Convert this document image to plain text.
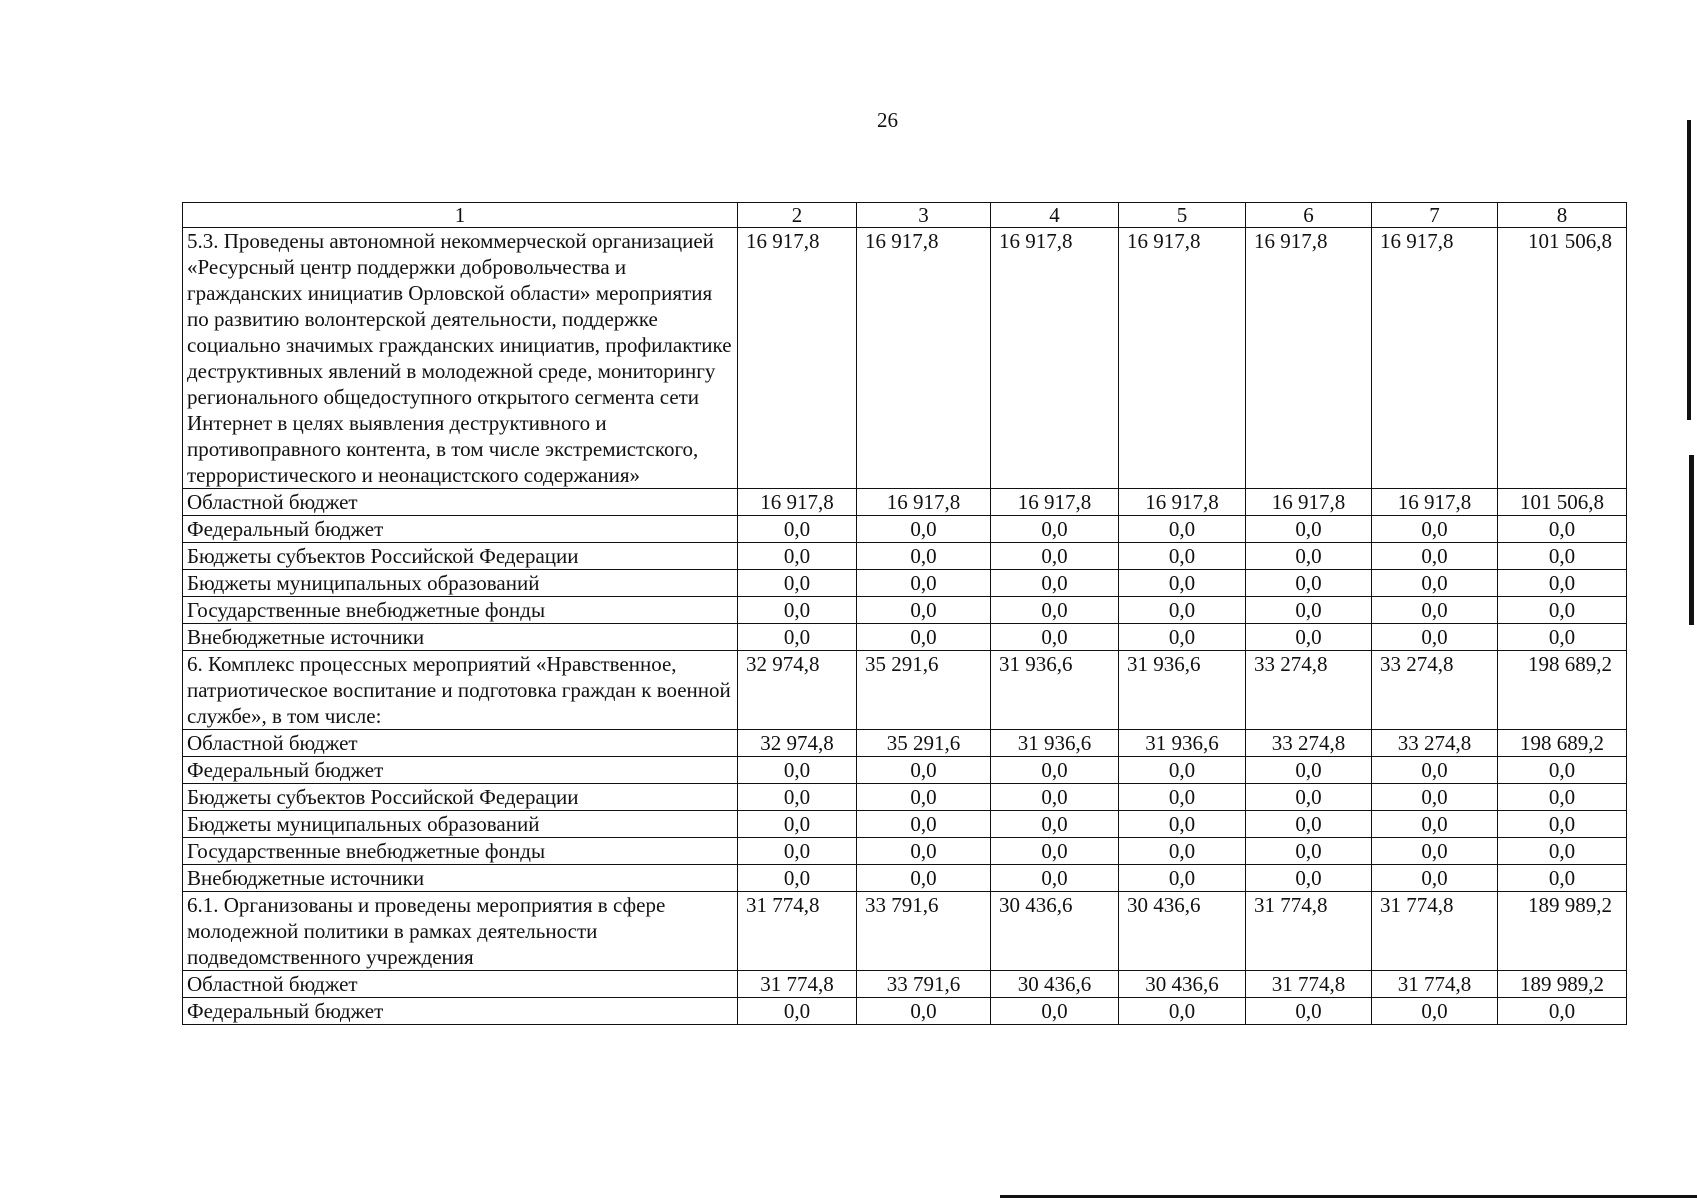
26
1	2	3	4	5	6	7	8
5.3. Проведены автономной некоммерческой организацией «Ресурсный центр поддержки добровольчества и гражданских инициатив Орловской области» мероприятия по развитию волонтерской деятельности, поддержке социально значимых гражданских инициатив, профилактике деструктивных явлений в молодежной среде, мониторингу регионального общедоступного открытого сегмента сети Интернет в целях выявления деструктивного и противоправного контента, в том числе экстремистского, террористического и неонацистского содержания»	16 917,8	16 917,8	16 917,8	16 917,8	16 917,8	16 917,8	101 506,8
Областной бюджет	16 917,8	16 917,8	16 917,8	16 917,8	16 917,8	16 917,8	101 506,8
Федеральный бюджет	0,0	0,0	0,0	0,0	0,0	0,0	0,0
Бюджеты субъектов Российской Федерации	0,0	0,0	0,0	0,0	0,0	0,0	0,0
Бюджеты муниципальных образований	0,0	0,0	0,0	0,0	0,0	0,0	0,0
Государственные внебюджетные фонды	0,0	0,0	0,0	0,0	0,0	0,0	0,0
Внебюджетные источники	0,0	0,0	0,0	0,0	0,0	0,0	0,0
6. Комплекс процессных мероприятий «Нравственное, патриотическое воспитание и подготовка граждан к военной службе», в том числе:	32 974,8	35 291,6	31 936,6	31 936,6	33 274,8	33 274,8	198 689,2
Областной бюджет	32 974,8	35 291,6	31 936,6	31 936,6	33 274,8	33 274,8	198 689,2
Федеральный бюджет	0,0	0,0	0,0	0,0	0,0	0,0	0,0
Бюджеты субъектов Российской Федерации	0,0	0,0	0,0	0,0	0,0	0,0	0,0
Бюджеты муниципальных образований	0,0	0,0	0,0	0,0	0,0	0,0	0,0
Государственные внебюджетные фонды	0,0	0,0	0,0	0,0	0,0	0,0	0,0
Внебюджетные источники	0,0	0,0	0,0	0,0	0,0	0,0	0,0
6.1. Организованы и проведены мероприятия в сфере молодежной политики в рамках деятельности подведомственного учреждения	31 774,8	33 791,6	30 436,6	30 436,6	31 774,8	31 774,8	189 989,2
Областной бюджет	31 774,8	33 791,6	30 436,6	30 436,6	31 774,8	31 774,8	189 989,2
Федеральный бюджет	0,0	0,0	0,0	0,0	0,0	0,0	0,0
